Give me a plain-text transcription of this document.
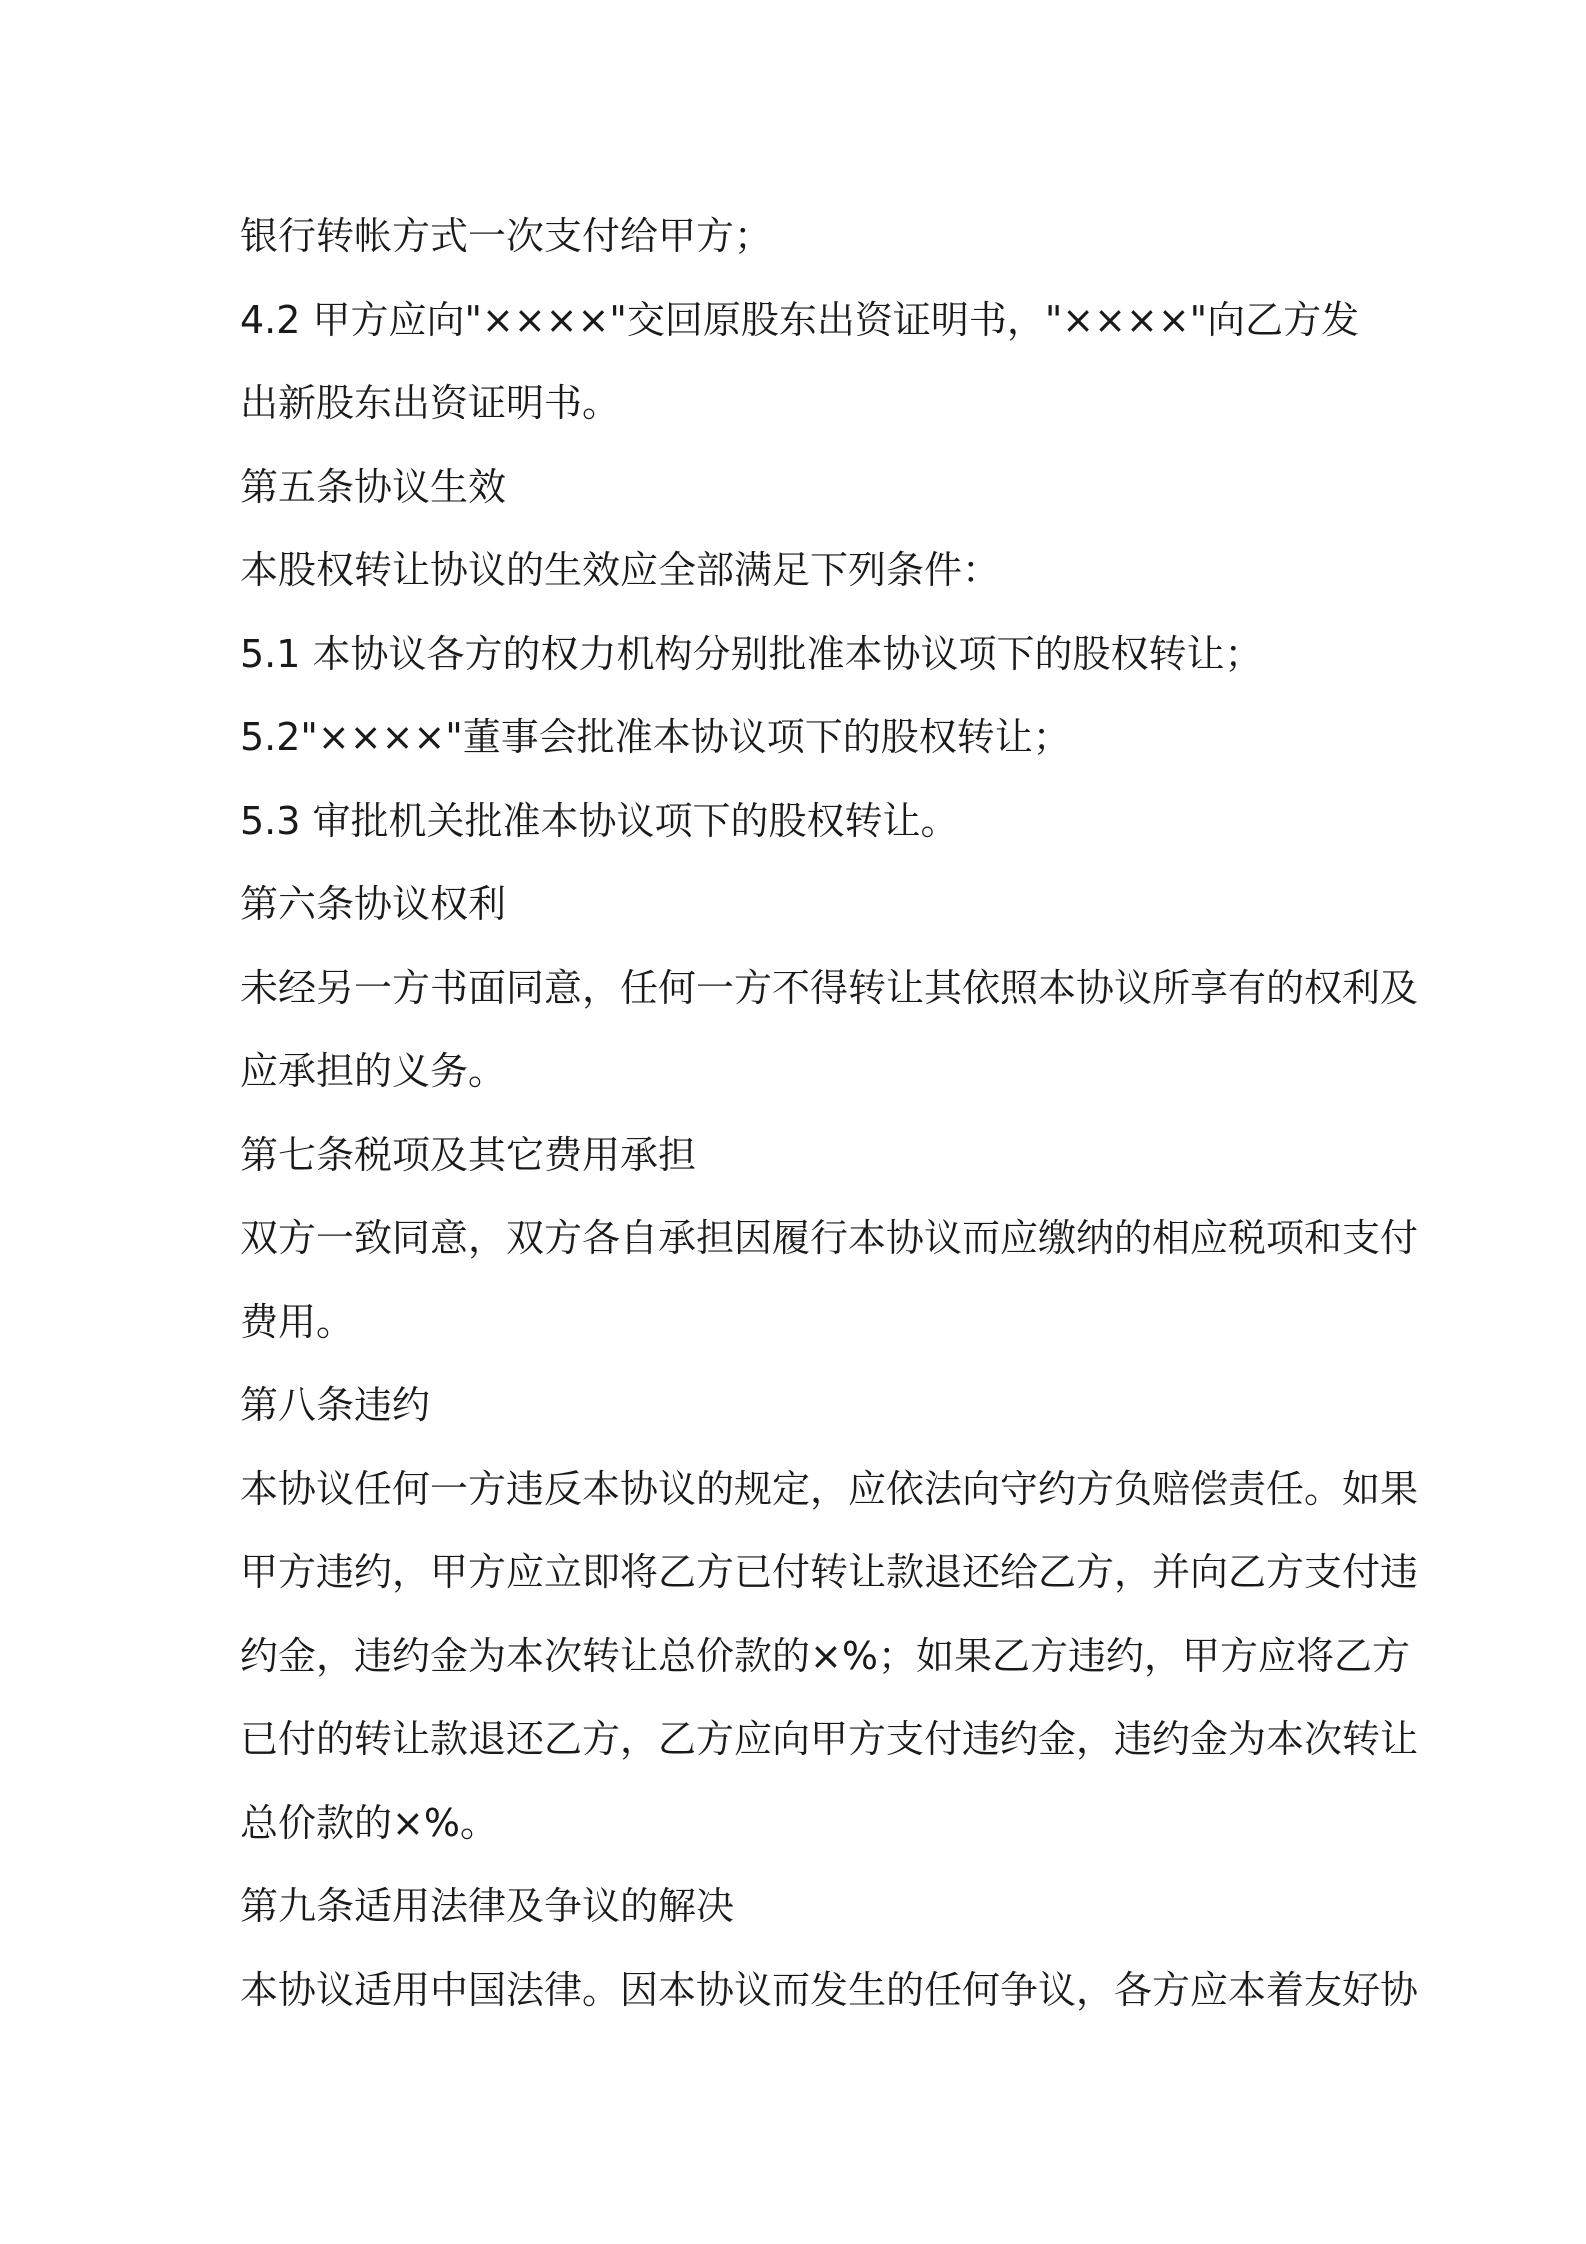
银行转帐方式一次支付给甲方；
4.2 甲方应向"××××"交回原股东出资证明书，"××××"向乙方发
出新股东出资证明书。
第五条协议生效
本股权转让协议的生效应全部满足下列条件：
5.1 本协议各方的权力机构分别批准本协议项下的股权转让；
5.2"××××"董事会批准本协议项下的股权转让；
5.3 审批机关批准本协议项下的股权转让。
第六条协议权利
未经另一方书面同意，任何一方不得转让其依照本协议所享有的权利及
应承担的义务。
第七条税项及其它费用承担
双方一致同意，双方各自承担因履行本协议而应缴纳的相应税项和支付
费用。
第八条违约
本协议任何一方违反本协议的规定，应依法向守约方负赔偿责任。如果
甲方违约，甲方应立即将乙方已付转让款退还给乙方，并向乙方支付违
约金，违约金为本次转让总价款的×%；如果乙方违约，甲方应将乙方
已付的转让款退还乙方，乙方应向甲方支付违约金，违约金为本次转让
总价款的×%。
第九条适用法律及争议的解决
本协议适用中国法律。因本协议而发生的任何争议，各方应本着友好协
